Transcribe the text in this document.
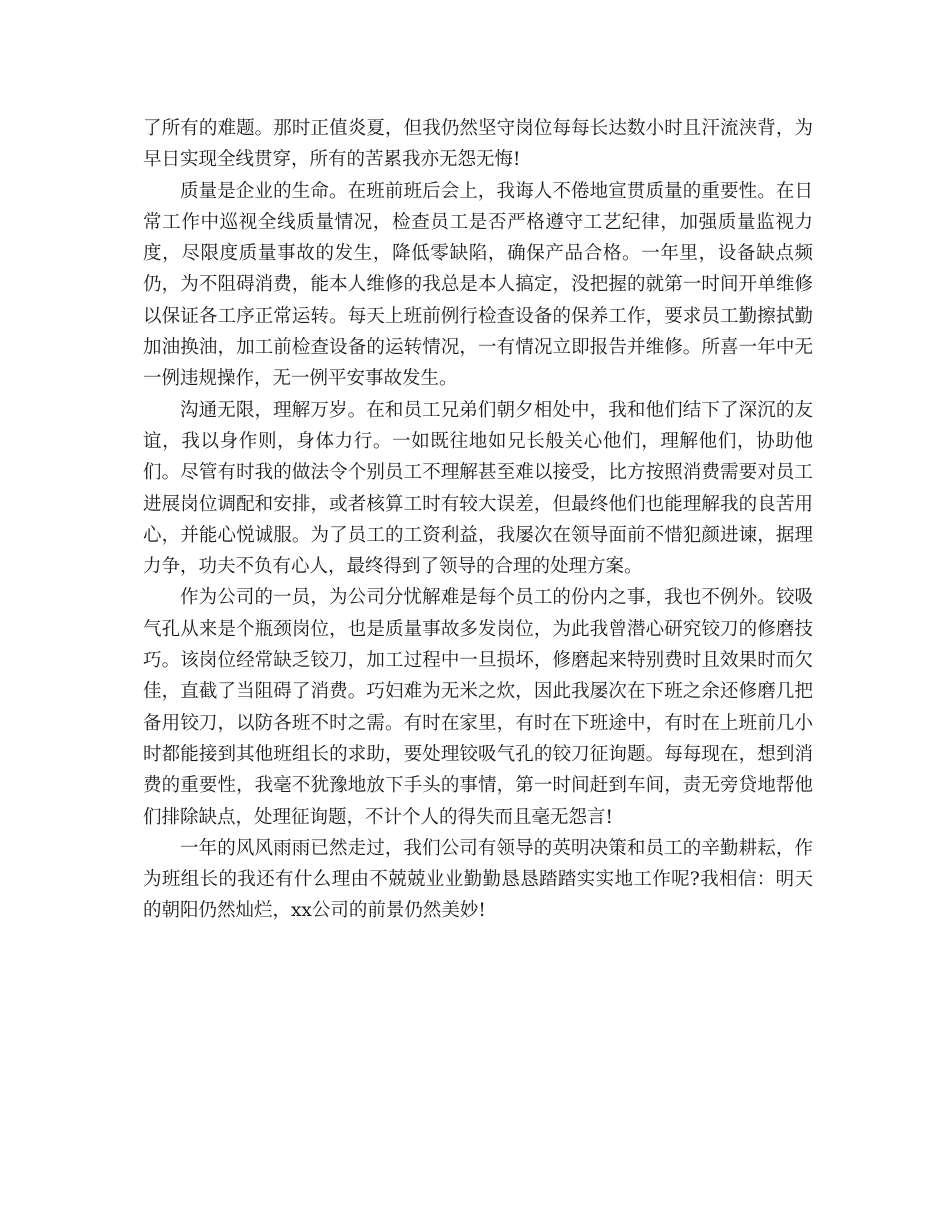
了所有的难题。那时正值炎夏，但我仍然坚守岗位每每长达数小时且汗流浃背，为早日实现全线贯穿，所有的苦累我亦无怨无悔!

质量是企业的生命。在班前班后会上，我诲人不倦地宣贯质量的重要性。在日常工作中巡视全线质量情况，检查员工是否严格遵守工艺纪律，加强质量监视力度，尽限度质量事故的发生，降低零缺陷，确保产品合格。一年里，设备缺点频仍，为不阻碍消费，能本人维修的我总是本人搞定，没把握的就第一时间开单维修以保证各工序正常运转。每天上班前例行检查设备的保养工作，要求员工勤擦拭勤加油换油，加工前检查设备的运转情况，一有情况立即报告并维修。所喜一年中无一例违规操作，无一例平安事故发生。

沟通无限，理解万岁。在和员工兄弟们朝夕相处中，我和他们结下了深沉的友谊，我以身作则，身体力行。一如既往地如兄长般关心他们，理解他们，协助他们。尽管有时我的做法令个别员工不理解甚至难以接受，比方按照消费需要对员工进展岗位调配和安排，或者核算工时有较大误差，但最终他们也能理解我的良苦用心，并能心悦诚服。为了员工的工资利益，我屡次在领导面前不惜犯颜进谏，据理力争，功夫不负有心人，最终得到了领导的合理的处理方案。

作为公司的一员，为公司分忧解难是每个员工的份内之事，我也不例外。铰吸气孔从来是个瓶颈岗位，也是质量事故多发岗位，为此我曾潜心研究铰刀的修磨技巧。该岗位经常缺乏铰刀，加工过程中一旦损坏，修磨起来特别费时且效果时而欠佳，直截了当阻碍了消费。巧妇难为无米之炊，因此我屡次在下班之余还修磨几把备用铰刀，以防各班不时之需。有时在家里，有时在下班途中，有时在上班前几小时都能接到其他班组长的求助，要处理铰吸气孔的铰刀征询题。每每现在，想到消费的重要性，我毫不犹豫地放下手头的事情，第一时间赶到车间，责无旁贷地帮他们排除缺点，处理征询题，不计个人的得失而且毫无怨言!

一年的风风雨雨已然走过，我们公司有领导的英明决策和员工的辛勤耕耘，作为班组长的我还有什么理由不兢兢业业勤勤恳恳踏踏实实地工作呢?我相信：明天的朝阳仍然灿烂，xx公司的前景仍然美妙!
